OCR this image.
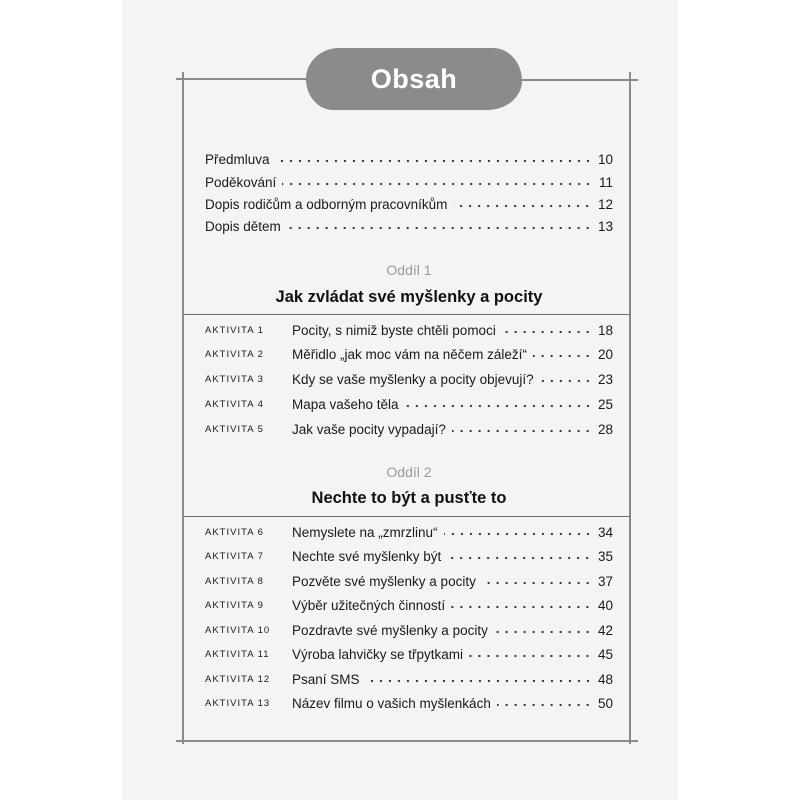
Obsah
Předmluva	10
Poděkování	11
Dopis rodičům a odborným pracovníkům	12
Dopis dětem	13
Oddíl 1
Jak zvládat své myšlenky a pocity
AKTIVITA 1	Pocity, s nimiž byste chtěli pomoci	18
AKTIVITA 2	Měřidlo „jak moc vám na něčem záleží“	20
AKTIVITA 3	Kdy se vaše myšlenky a pocity objevují?	23
AKTIVITA 4	Mapa vašeho těla	25
AKTIVITA 5	Jak vaše pocity vypadají?	28
Oddíl 2
Nechte to být a pusťte to
AKTIVITA 6	Nemyslete na „zmrzlinu“	34
AKTIVITA 7	Nechte své myšlenky být	35
AKTIVITA 8	Pozvěte své myšlenky a pocity	37
AKTIVITA 9	Výběr užitečných činností	40
AKTIVITA 10	Pozdravte své myšlenky a pocity	42
AKTIVITA 11	Výroba lahvičky se třpytkami	45
AKTIVITA 12	Psaní SMS	48
AKTIVITA 13	Název filmu o vašich myšlenkách	50
